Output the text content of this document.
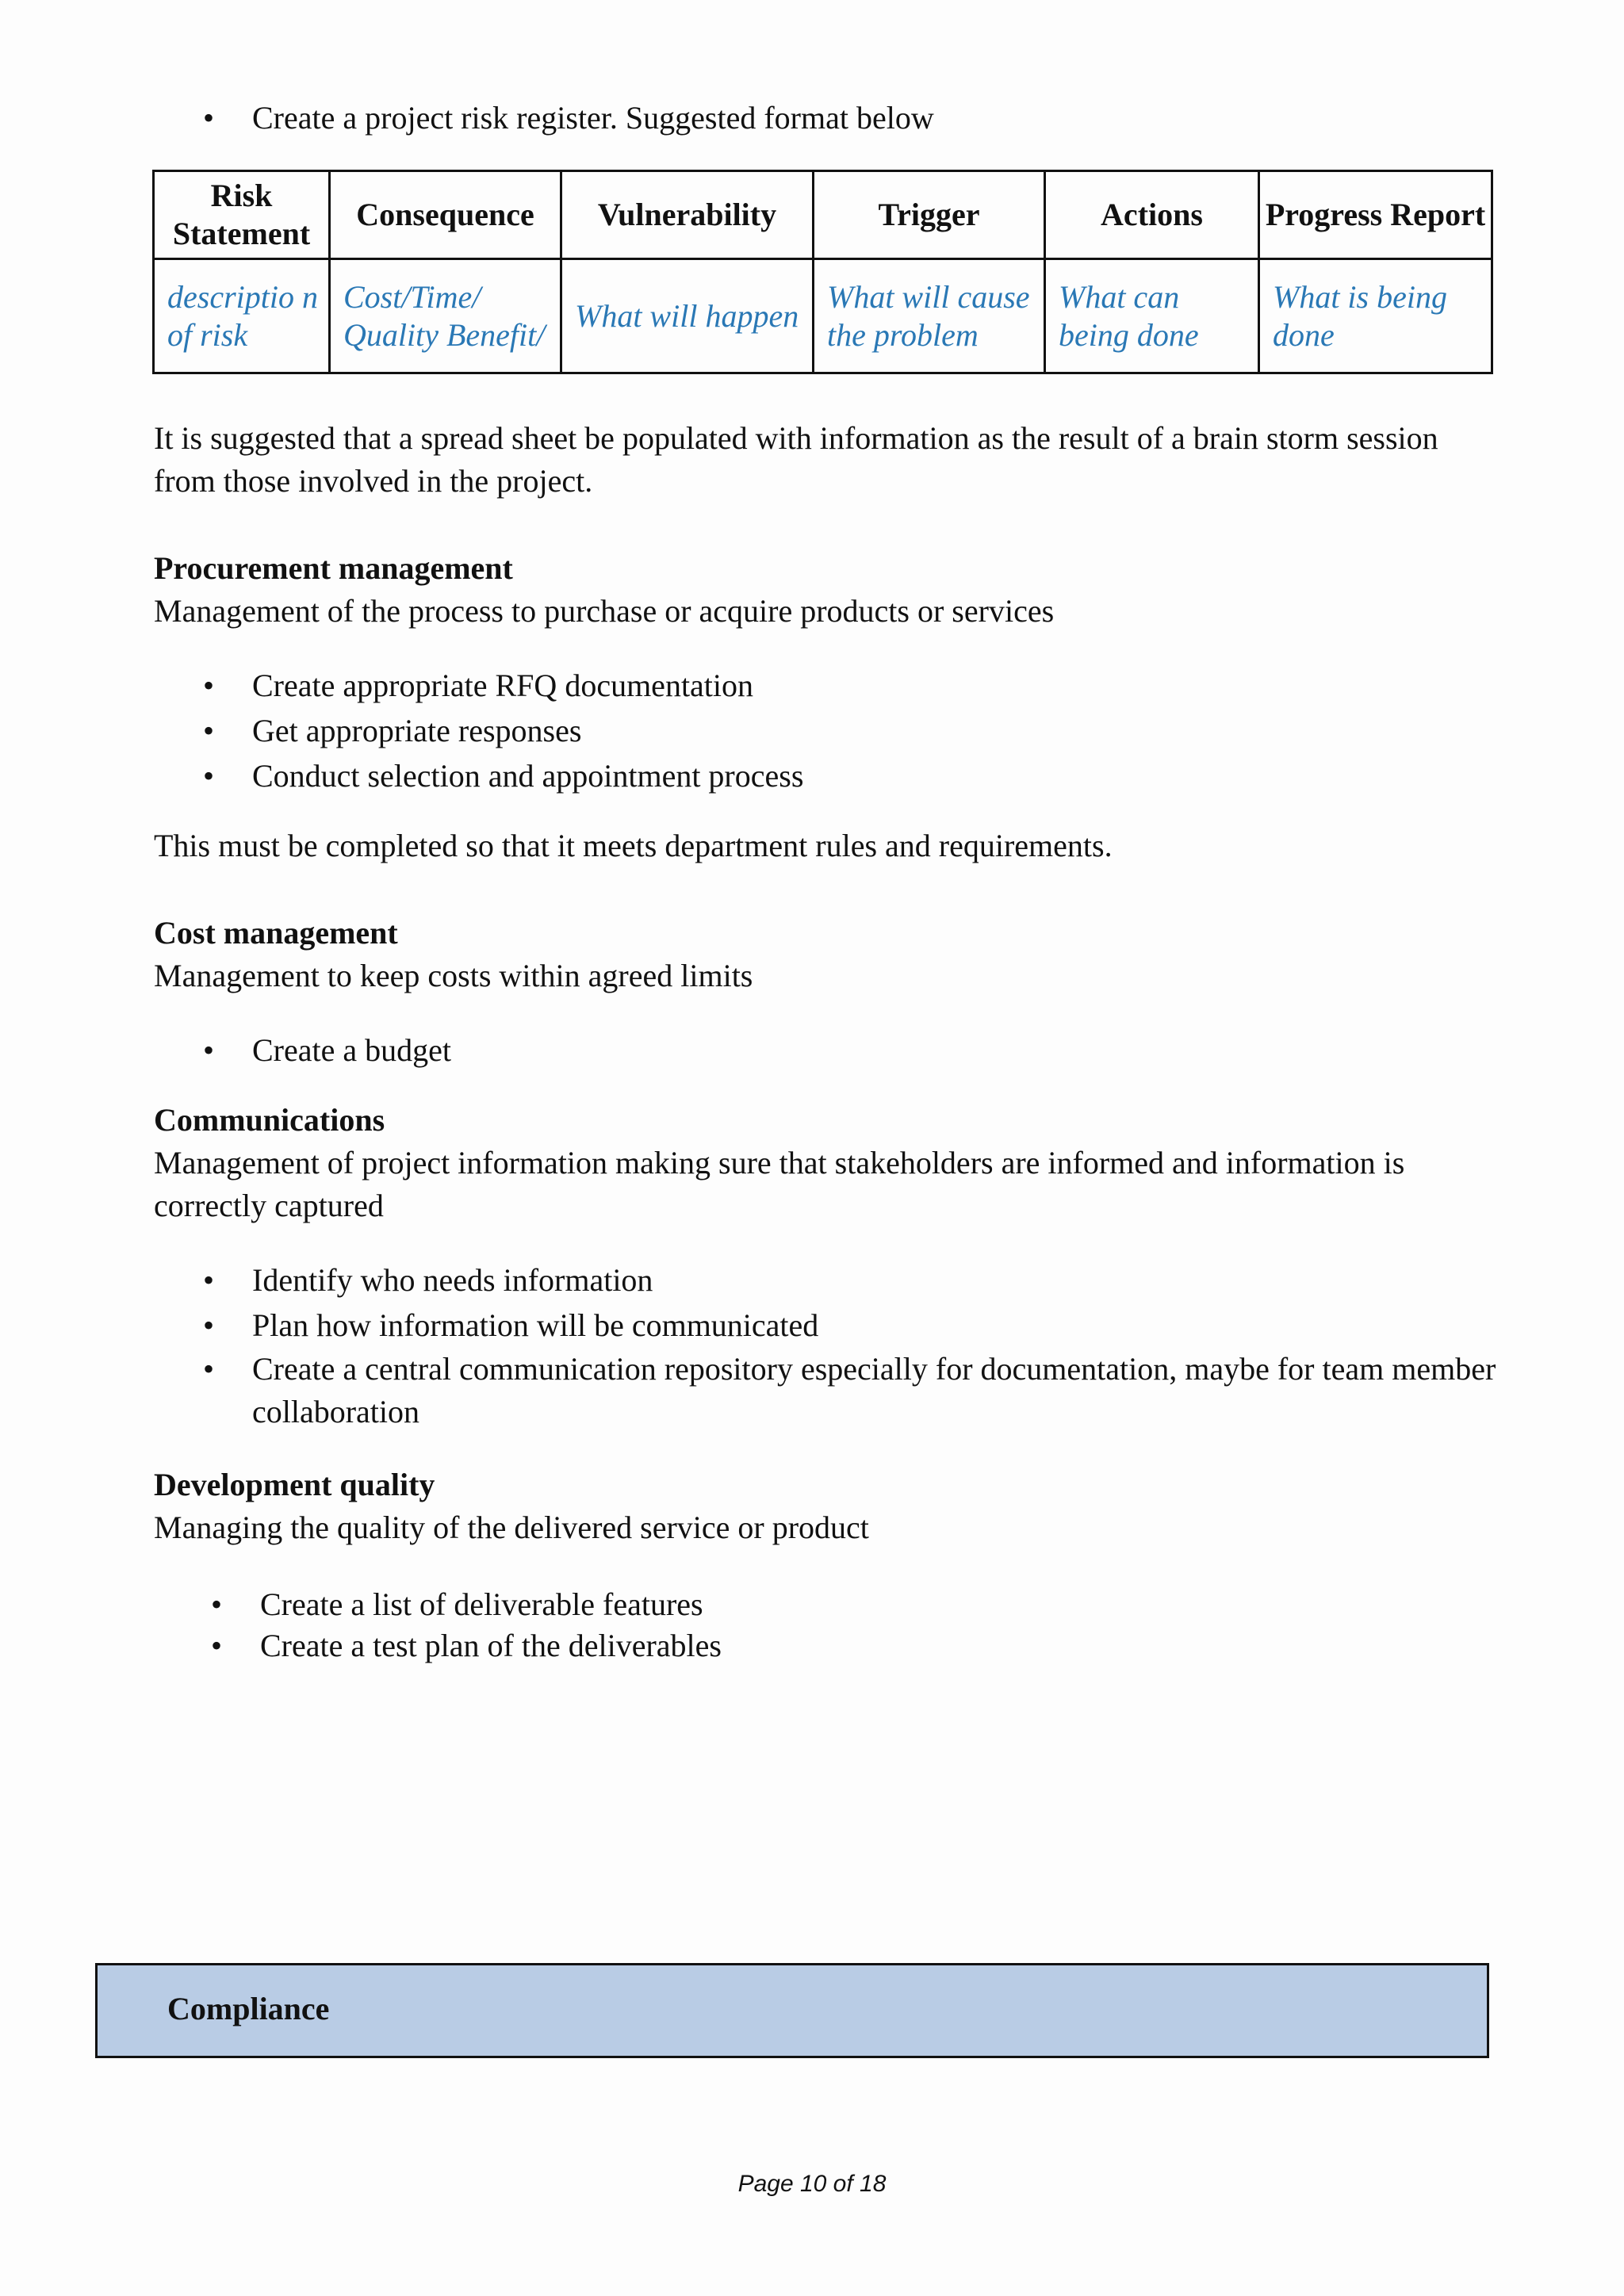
• Create a project risk register. Suggested format below
Risk Statement	Consequence	Vulnerability	Trigger	Actions	Progress Report
descriptio n of risk	Cost/Time/ Quality Benefit/	What will happen	What will cause the problem	What can being done	What is being done

It is suggested that a spread sheet be populated with information as the result of a brain storm session from those involved in the project.

Procurement management

Management of the process to purchase or acquire products or services

• Create appropriate RFQ documentation
• Get appropriate responses
• Conduct selection and appointment process

This must be completed so that it meets department rules and requirements.

Cost management

Management to keep costs within agreed limits

• Create a budget

Communications

Management of project information making sure that stakeholders are informed and information is correctly captured

• Identify who needs information
• Plan how information will be communicated
• Create a central communication repository especially for documentation, maybe for team member collaboration

Development quality

Managing the quality of the delivered service or product

• Create a list of deliverable features
• Create a test plan of the deliverables
Compliance
Page 10 of 18
